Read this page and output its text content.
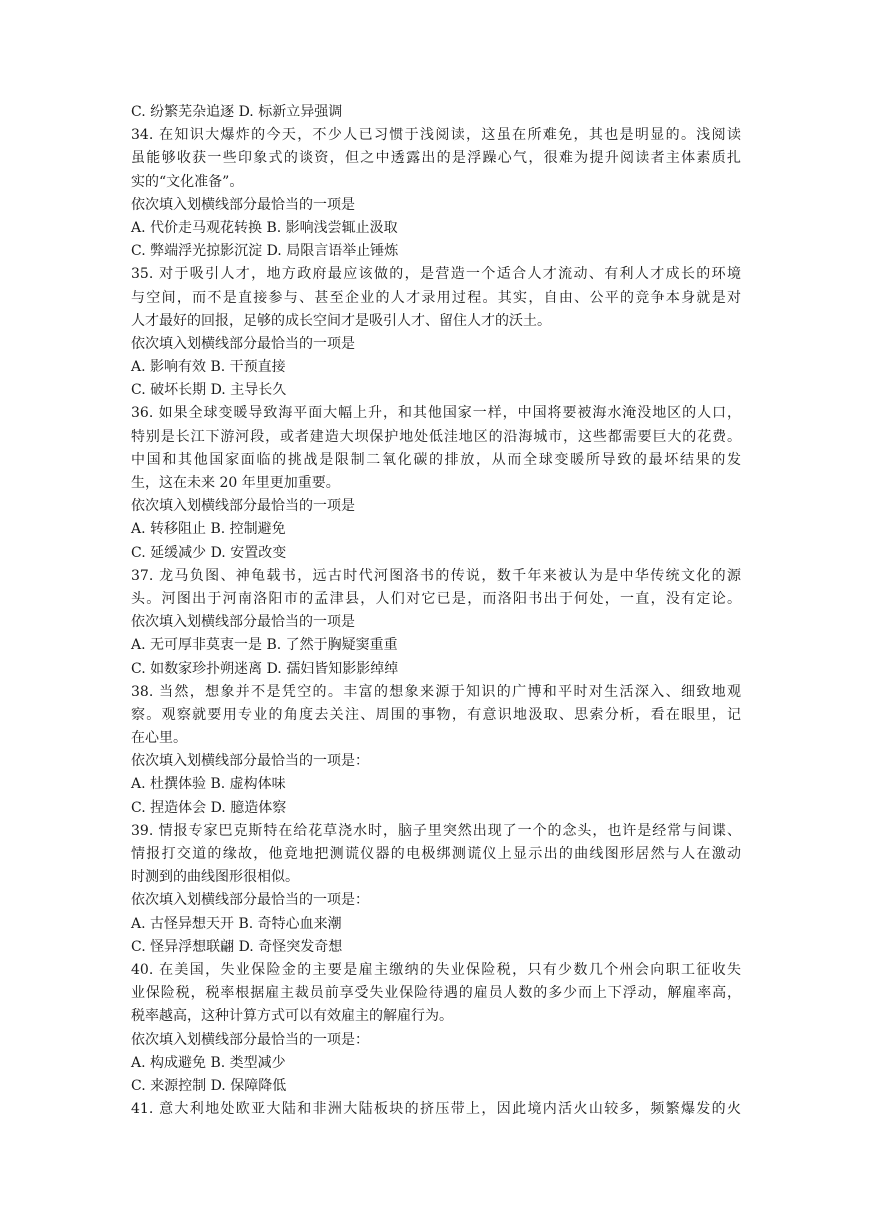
C. 纷繁芜杂追逐 D. 标新立异强调
34. 在知识大爆炸的今天，不少人已习惯于浅阅读，这虽在所难免，其也是明显的。浅阅读
虽能够收获一些印象式的谈资，但之中透露出的是浮躁心气，很难为提升阅读者主体素质扎
实的“文化准备”。
依次填入划横线部分最恰当的一项是
A. 代价走马观花转换 B. 影响浅尝辄止汲取
C. 弊端浮光掠影沉淀 D. 局限言语举止锤炼
35. 对于吸引人才，地方政府最应该做的，是营造一个适合人才流动、有利人才成长的环境
与空间，而不是直接参与、甚至企业的人才录用过程。其实，自由、公平的竞争本身就是对
人才最好的回报，足够的成长空间才是吸引人才、留住人才的沃土。
依次填入划横线部分最恰当的一项是
A. 影响有效 B. 干预直接
C. 破坏长期 D. 主导长久
36. 如果全球变暖导致海平面大幅上升，和其他国家一样，中国将要被海水淹没地区的人口，
特别是长江下游河段，或者建造大坝保护地处低洼地区的沿海城市，这些都需要巨大的花费。
中国和其他国家面临的挑战是限制二氧化碳的排放，从而全球变暖所导致的最坏结果的发
生，这在未来 20 年里更加重要。
依次填入划横线部分最恰当的一项是
A. 转移阻止 B. 控制避免
C. 延缓减少 D. 安置改变
37. 龙马负图、神龟载书，远古时代河图洛书的传说，数千年来被认为是中华传统文化的源
头。河图出于河南洛阳市的孟津县，人们对它已是，而洛阳书出于何处，一直，没有定论。
依次填入划横线部分最恰当的一项是
A. 无可厚非莫衷一是 B. 了然于胸疑窦重重
C. 如数家珍扑朔迷离 D. 孺妇皆知影影绰绰
38. 当然，想象并不是凭空的。丰富的想象来源于知识的广博和平时对生活深入、细致地观
察。观察就要用专业的角度去关注、周围的事物，有意识地汲取、思索分析，看在眼里，记
在心里。
依次填入划横线部分最恰当的一项是：
A. 杜撰体验 B. 虚构体味
C. 捏造体会 D. 臆造体察
39. 情报专家巴克斯特在给花草浇水时，脑子里突然出现了一个的念头，也许是经常与间谍、
情报打交道的缘故，他竟地把测谎仪器的电极绑测谎仪上显示出的曲线图形居然与人在激动
时测到的曲线图形很相似。
依次填入划横线部分最恰当的一项是：
A. 古怪异想天开 B. 奇特心血来潮
C. 怪异浮想联翩 D. 奇怪突发奇想
40. 在美国，失业保险金的主要是雇主缴纳的失业保险税，只有少数几个州会向职工征收失
业保险税，税率根据雇主裁员前享受失业保险待遇的雇员人数的多少而上下浮动，解雇率高，
税率越高，这种计算方式可以有效雇主的解雇行为。
依次填入划横线部分最恰当的一项是：
A. 构成避免 B. 类型减少
C. 来源控制 D. 保障降低
41. 意大利地处欧亚大陆和非洲大陆板块的挤压带上，因此境内活火山较多，频繁爆发的火
